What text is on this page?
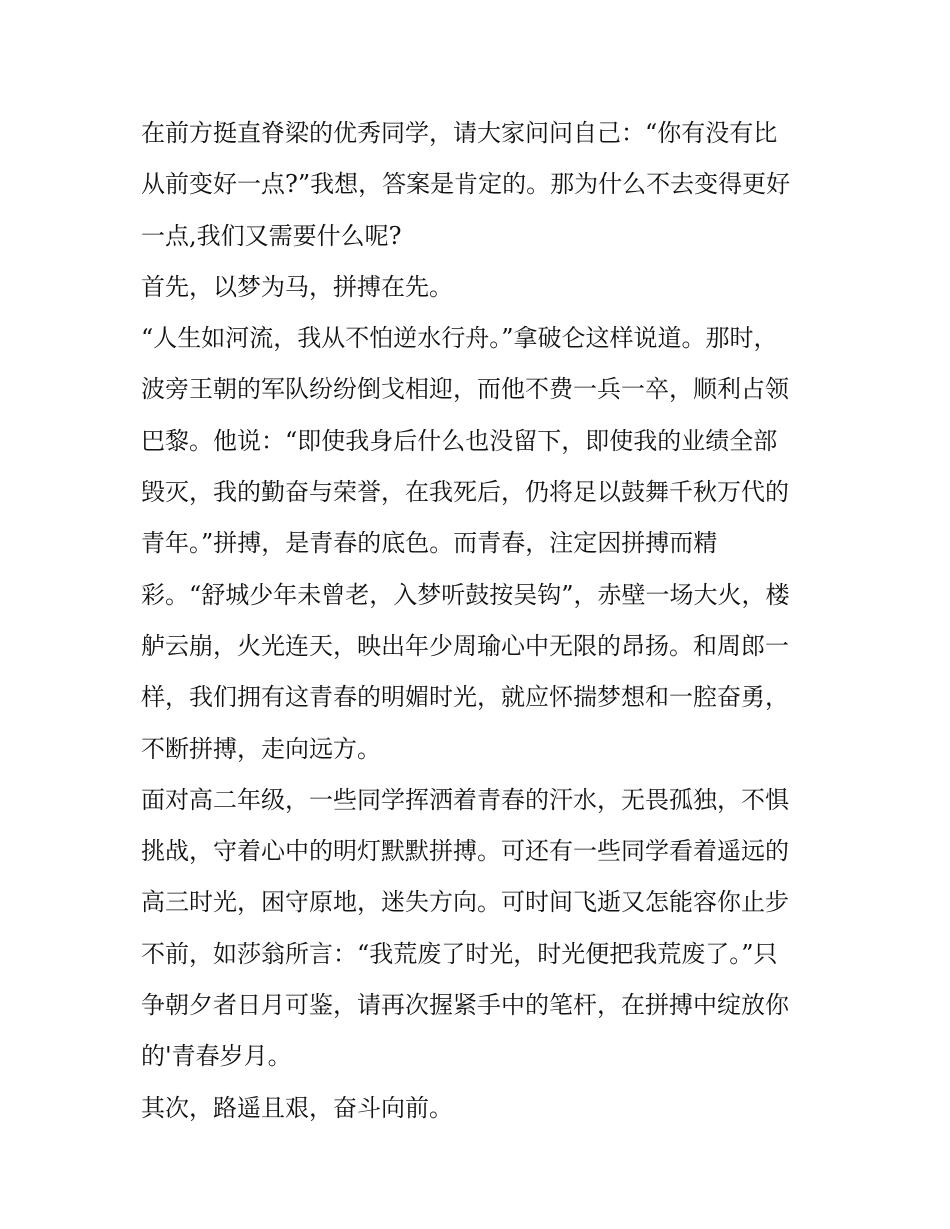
在前方挺直脊梁的优秀同学，请大家问问自己：“你有没有比
从前变好一点?”我想，答案是肯定的。那为什么不去变得更好
一点,我们又需要什么呢?
首先，以梦为马，拼搏在先。
“人生如河流，我从不怕逆水行舟。”拿破仑这样说道。那时，
波旁王朝的军队纷纷倒戈相迎，而他不费一兵一卒，顺利占领
巴黎。他说：“即使我身后什么也没留下，即使我的业绩全部
毁灭，我的勤奋与荣誉，在我死后，仍将足以鼓舞千秋万代的
青年。”拼搏，是青春的底色。而青春，注定因拼搏而精
彩。“舒城少年未曾老，入梦听鼓按吴钩”，赤壁一场大火，楼
舻云崩，火光连天，映出年少周瑜心中无限的昂扬。和周郎一
样，我们拥有这青春的明媚时光，就应怀揣梦想和一腔奋勇，
不断拼搏，走向远方。
面对高二年级，一些同学挥洒着青春的汗水，无畏孤独，不惧
挑战，守着心中的明灯默默拼搏。可还有一些同学看着遥远的
高三时光，困守原地，迷失方向。可时间飞逝又怎能容你止步
不前，如莎翁所言：“我荒废了时光，时光便把我荒废了。”只
争朝夕者日月可鉴，请再次握紧手中的笔杆，在拼搏中绽放你
的'青春岁月。
其次，路遥且艰，奋斗向前。
